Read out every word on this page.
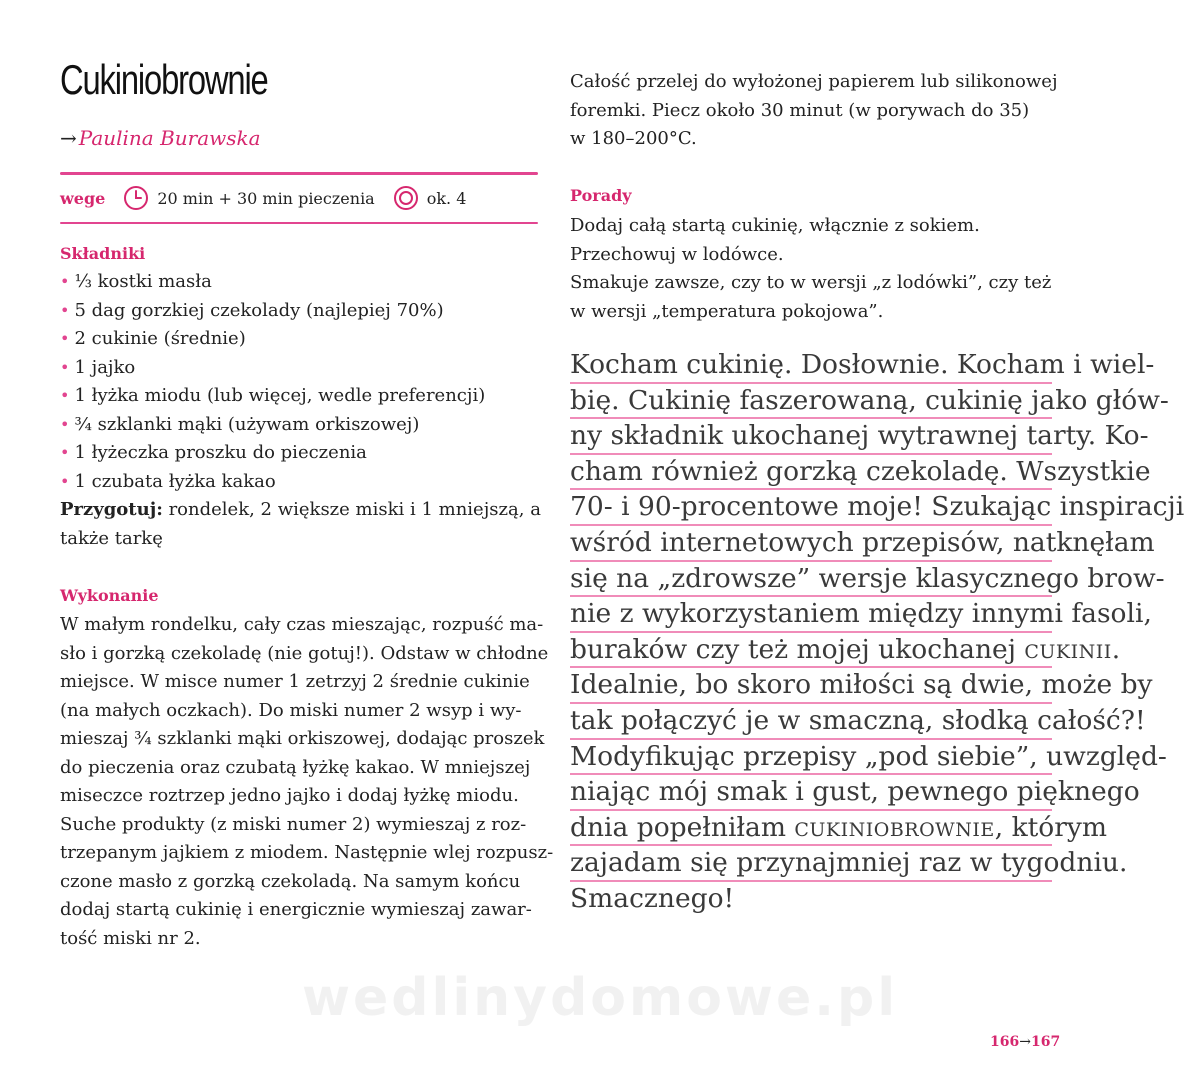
Cukiniobrownie
→ Paulina Burawska
wege	20 min + 30 min pieczenia	ok. 4
Składniki
• ⅓ kostki masła
• 5 dag gorzkiej czekolady (najlepiej 70%)
• 2 cukinie (średnie)
• 1 jajko
• 1 łyżka miodu (lub więcej, wedle preferencji)
• ¾ szklanki mąki (używam orkiszowej)
• 1 łyżeczka proszku do pieczenia
• 1 czubata łyżka kakao
Przygotuj: rondelek, 2 większe miski i 1 mniejszą, a także tarkę
Wykonanie
W małym rondelku, cały czas mieszając, rozpuść ma-
sło i gorzką czekoladę (nie gotuj!). Odstaw w chłodne
miejsce. W misce numer 1 zetrzyj 2 średnie cukinie
(na małych oczkach). Do miski numer 2 wsyp i wy-
mieszaj ¾ szklanki mąki orkiszowej, dodając proszek
do pieczenia oraz czubatą łyżkę kakao. W mniejszej
miseczce roztrzep jedno jajko i dodaj łyżkę miodu.
Suche produkty (z miski numer 2) wymieszaj z roz-
trzepanym jajkiem z miodem. Następnie wlej rozpusz-
czone masło z gorzką czekoladą. Na samym końcu
dodaj startą cukinię i energicznie wymieszaj zawar-
tość miski nr 2.
Całość przelej do wyłożonej papierem lub silikonowej
foremki. Piecz około 30 minut (w porywach do 35)
w 180–200°C.
Porady
Dodaj całą startą cukinię, włącznie z sokiem.
Przechowuj w lodówce.
Smakuje zawsze, czy to w wersji „z lodówki”, czy też
w wersji „temperatura pokojowa”.
Kocham cukinię. Dosłownie. Kocham i wiel-
bię. Cukinię faszerowaną, cukinię jako głów-
ny składnik ukochanej wytrawnej tarty. Ko-
cham również gorzką czekoladę. Wszystkie
70- i 90-procentowe moje! Szukając inspiracji
wśród internetowych przepisów, natknęłam
się na „zdrowsze” wersje klasycznego brow-
nie z wykorzystaniem między innymi fasoli,
buraków czy też mojej ukochanej cukinii.
Idealnie, bo skoro miłości są dwie, może by
tak połączyć je w smaczną, słodką całość?!
Modyfikując przepisy „pod siebie”, uwzględ-
niając mój smak i gust, pewnego pięknego
dnia popełniłam cukiniobrownie, którym
zajadam się przynajmniej raz w tygodniu.
Smacznego!
wedlinydomowe.pl
166→167
